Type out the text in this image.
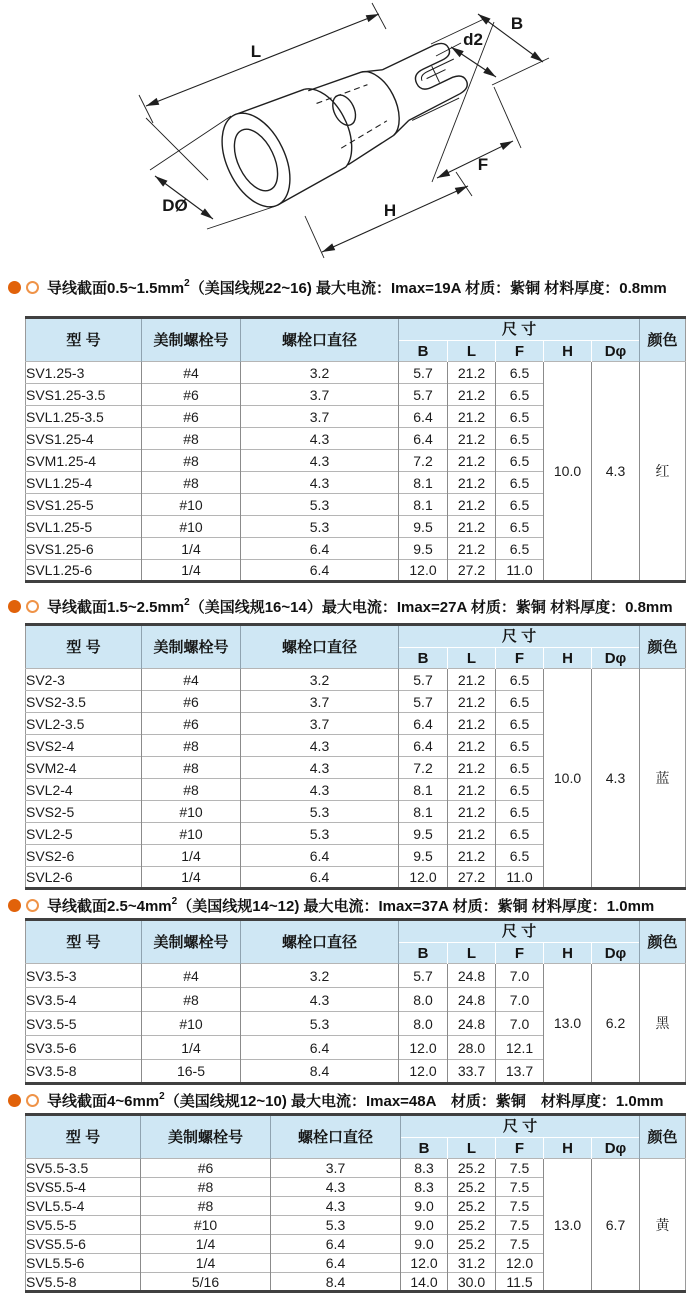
L
B
d2
F
H
DØ
导线截面$0.5\sim 1.5mm^2$（美国线规22~16) 最大电流：Imax=19A 材质：紫铜 材料厚度：0.8mm
型 号	美制螺栓号	螺栓口直径	尺 寸					颜色
			B	L	F	H	Dφ	
SV1.25-3	#4	3.2	5.7	21.2	6.5	10.0	4.3	红
SVS1.25-3.5	#6	3.7	5.7	21.2	6.5			
SVL1.25-3.5	#6	3.7	6.4	21.2	6.5			
SVS1.25-4	#8	4.3	6.4	21.2	6.5			
SVM1.25-4	#8	4.3	7.2	21.2	6.5			
SVL1.25-4	#8	4.3	8.1	21.2	6.5			
SVS1.25-5	#10	5.3	8.1	21.2	6.5			
SVL1.25-5	#10	5.3	9.5	21.2	6.5			
SVS1.25-6	1/4	6.4	9.5	21.2	6.5			
SVL1.25-6	1/4	6.4	12.0	27.2	11.0			
导线截面$1.5\sim 2.5mm^2$（美国线规16~14）最大电流：Imax=27A 材质：紫铜 材料厚度：0.8mm
型 号	美制螺栓号	螺栓口直径	尺 寸					颜色
			B	L	F	H	Dφ	
SV2-3	#4	3.2	5.7	21.2	6.5	10.0	4.3	蓝
SVS2-3.5	#6	3.7	5.7	21.2	6.5			
SVL2-3.5	#6	3.7	6.4	21.2	6.5			
SVS2-4	#8	4.3	6.4	21.2	6.5			
SVM2-4	#8	4.3	7.2	21.2	6.5			
SVL2-4	#8	4.3	8.1	21.2	6.5			
SVS2-5	#10	5.3	8.1	21.2	6.5			
SVL2-5	#10	5.3	9.5	21.2	6.5			
SVS2-6	1/4	6.4	9.5	21.2	6.5			
SVL2-6	1/4	6.4	12.0	27.2	11.0			
导线截面$2.5\sim 4mm^2$（美国线规14~12) 最大电流：Imax=37A 材质：紫铜 材料厚度：1.0mm
型 号	美制螺栓号	螺栓口直径	尺 寸					颜色
			B	L	F	H	Dφ	
SV3.5-3	#4	3.2	5.7	24.8	7.0	13.0	6.2	黑
SV3.5-4	#8	4.3	8.0	24.8	7.0			
SV3.5-5	#10	5.3	8.0	24.8	7.0			
SV3.5-6	1/4	6.4	12.0	28.0	12.1			
SV3.5-8	16-5	8.4	12.0	33.7	13.7			
导线截面$4\sim 6mm^2$（美国线规12~10) 最大电流：Imax=48A　材质：紫铜　材料厚度：1.0mm
型 号	美制螺栓号	螺栓口直径	尺 寸					颜色
			B	L	F	H	Dφ	
SV5.5-3.5	#6	3.7	8.3	25.2	7.5	13.0	6.7	黄
SVS5.5-4	#8	4.3	8.3	25.2	7.5			
SVL5.5-4	#8	4.3	9.0	25.2	7.5			
SV5.5-5	#10	5.3	9.0	25.2	7.5			
SVS5.5-6	1/4	6.4	9.0	25.2	7.5			
SVL5.5-6	1/4	6.4	12.0	31.2	12.0			
SV5.5-8	5/16	8.4	14.0	30.0	11.5			
